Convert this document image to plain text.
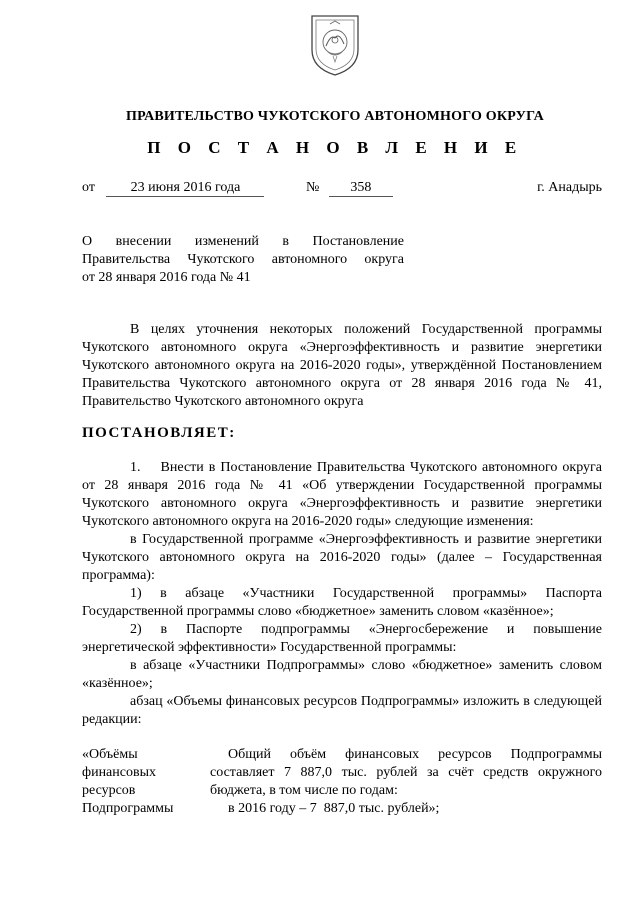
ПРАВИТЕЛЬСТВО ЧУКОТСКОГО АВТОНОМНОГО ОКРУГА
П О С Т А Н О В Л Е Н И Е
от	23 июня 2016 года	№ 358	г. Анадырь

О      внесении      изменений      в      Постановление

Правительства  Чукотского  автономного  округа

от 28 января 2016 года № 41

В целях уточнения некоторых положений Государственной программы Чукотского автономного округа «Энергоэффективность и развитие энергетики Чукотского автономного округа на 2016-2020 годы», утверждённой Постановлением Правительства Чукотского автономного округа от 28 января 2016 года № 41, Правительство Чукотского автономного округа

ПОСТАНОВЛЯЕТ:

1.    Внести в Постановление Правительства Чукотского автономного округа от 28 января 2016 года № 41 «Об утверждении Государственной программы Чукотского автономного округа «Энергоэффективность и развитие энергетики Чукотского автономного округа на 2016-2020 годы» следующие изменения:

в Государственной программе «Энергоэффективность и развитие энергетики Чукотского автономного округа на 2016-2020 годы» (далее – Государственная программа):

1) в абзаце «Участники Государственной программы» Паспорта Государственной программы слово «бюджетное» заменить словом «казённое»;

2) в Паспорте подпрограммы «Энергосбережение и повышение энергетической эффективности» Государственной программы:

в абзаце «Участники Подпрограммы» слово «бюджетное» заменить словом «казённое»;

абзац «Объемы финансовых ресурсов Подпрограммы» изложить в следующей редакции:

«Объёмы финансовых ресурсов Подпрограммы

Общий объём финансовых ресурсов Подпрограммы составляет 7 887,0 тыс. рублей за счёт средств окружного бюджета, в том числе по годам:

в 2016 году – 7  887,0 тыс. рублей»;
